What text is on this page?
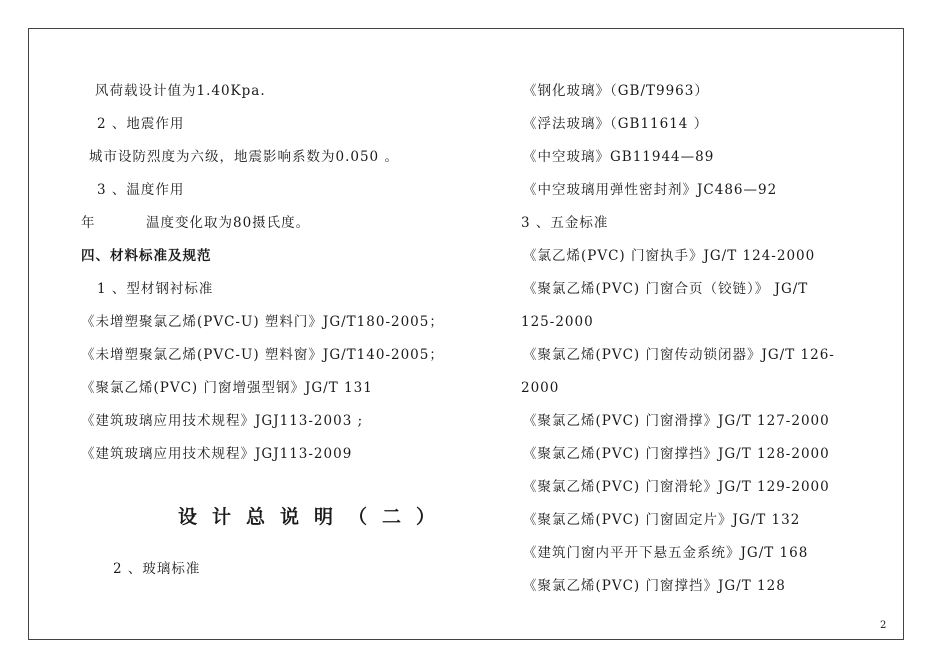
风荷载设计值为1.40Kpa.
2 、地震作用
城市设防烈度为六级，地震影响系数为0.050 。
3 、温度作用
年	温度变化取为80摄氏度。
四、材料标准及规范
1 、型材钢衬标准
《未增塑聚氯乙烯(PVC-U) 塑料门》JG/T180-2005；
《未增塑聚氯乙烯(PVC-U) 塑料窗》JG/T140-2005；
《聚氯乙烯(PVC) 门窗增强型钢》JG/T 131
《建筑玻璃应用技术规程》JGJ113-2003 ;
《建筑玻璃应用技术规程》JGJ113-2009
设计总说明（二）
2 、玻璃标准
《钢化玻璃》（GB/T9963）
《浮法玻璃》（GB11614 ）
《中空玻璃》GB11944—89
《中空玻璃用弹性密封剂》JC486—92
3 、五金标准
《氯乙烯(PVC) 门窗执手》JG/T 124-2000
《聚氯乙烯(PVC) 门窗合页（铰链）》 JG/T
125-2000
《聚氯乙烯(PVC) 门窗传动锁闭器》JG/T 126-
2000
《聚氯乙烯(PVC) 门窗滑撑》JG/T 127-2000
《聚氯乙烯(PVC) 门窗撑挡》JG/T 128-2000
《聚氯乙烯(PVC) 门窗滑轮》JG/T 129-2000
《聚氯乙烯(PVC) 门窗固定片》JG/T 132
《建筑门窗内平开下悬五金系统》JG/T 168
《聚氯乙烯(PVC) 门窗撑挡》JG/T 128
2
